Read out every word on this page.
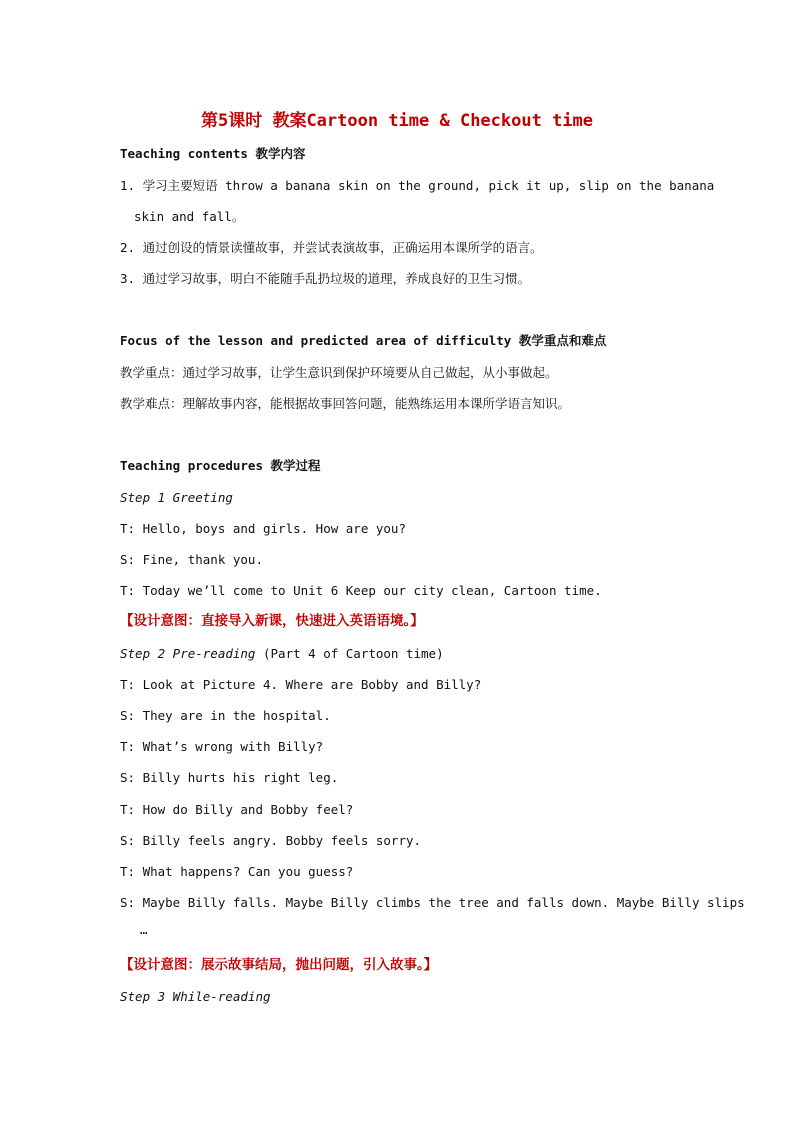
第5课时 教案Cartoon time & Checkout time
Teaching contents 教学内容
1. 学习主要短语 throw a banana skin on the ground, pick it up, slip on the banana
skin and fall。
2. 通过创设的情景读懂故事，并尝试表演故事，正确运用本课所学的语言。
3. 通过学习故事，明白不能随手乱扔垃圾的道理，养成良好的卫生习惯。
Focus of the lesson and predicted area of difficulty 教学重点和难点
教学重点：通过学习故事，让学生意识到保护环境要从自己做起，从小事做起。
教学难点：理解故事内容，能根据故事回答问题，能熟练运用本课所学语言知识。
Teaching procedures 教学过程
Step 1 Greeting
T: Hello, boys and girls. How are you?
S: Fine, thank you.
T: Today we’ll come to Unit 6 Keep our city clean, Cartoon time.
【设计意图：直接导入新课，快速进入英语语境。】
Step 2 Pre-reading (Part 4 of Cartoon time)
T: Look at Picture 4. Where are Bobby and Billy?
S: They are in the hospital.
T: What’s wrong with Billy?
S: Billy hurts his right leg.
T: How do Billy and Bobby feel?
S: Billy feels angry. Bobby feels sorry.
T: What happens? Can you guess?
S: Maybe Billy falls. Maybe Billy climbs the tree and falls down. Maybe Billy slips
…
【设计意图：展示故事结局，抛出问题，引入故事。】
Step 3 While-reading
